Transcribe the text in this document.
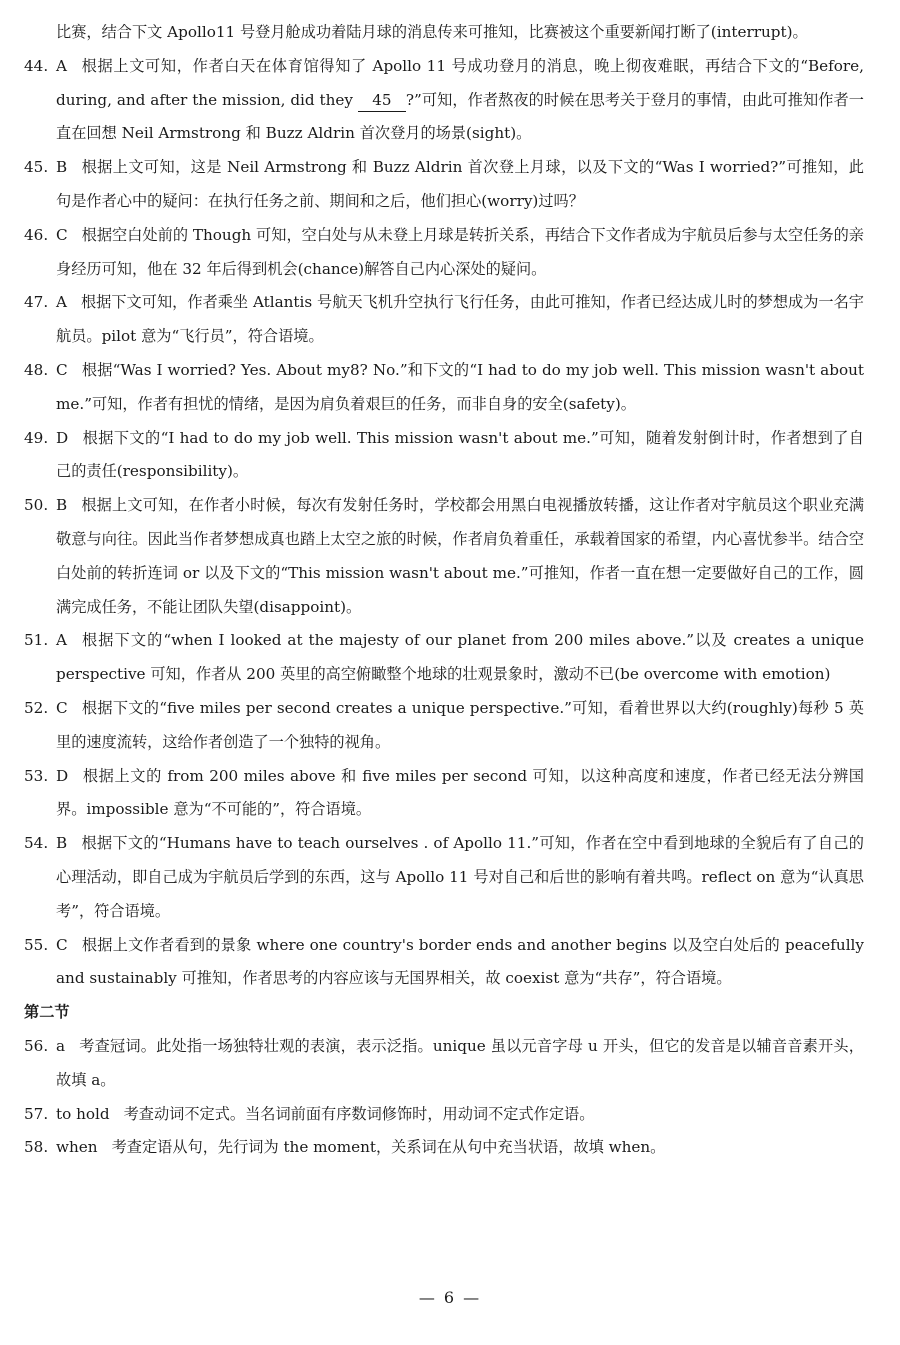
比赛，结合下文 Apollo11 号登月舱成功着陆月球的消息传来可推知，比赛被这个重要新闻打断了(interrupt)。

44. A 根据上文可知，作者白天在体育馆得知了 Apollo 11 号成功登月的消息，晚上彻夜难眠，再结合下文的“Before, during, and after the mission, did they 45 ?”可知，作者熬夜的时候在思考关于登月的事情，由此可推知作者一直在回想 Neil Armstrong 和 Buzz Aldrin 首次登月的场景(sight)。

45. B 根据上文可知，这是 Neil Armstrong 和 Buzz Aldrin 首次登上月球，以及下文的“Was I worried?”可推知，此句是作者心中的疑问：在执行任务之前、期间和之后，他们担心(worry)过吗？

46. C 根据空白处前的 Though 可知，空白处与从未登上月球是转折关系，再结合下文作者成为宇航员后参与太空任务的亲身经历可知，他在 32 年后得到机会(chance)解答自己内心深处的疑问。

47. A 根据下文可知，作者乘坐 Atlantis 号航天飞机升空执行飞行任务，由此可推知，作者已经达成儿时的梦想成为一名宇航员。pilot 意为“飞行员”，符合语境。

48. C 根据“Was I worried? Yes. About my8? No.”和下文的“I had to do my job well. This mission wasn't about me.”可知，作者有担忧的情绪，是因为肩负着艰巨的任务，而非自身的安全(safety)。

49. D 根据下文的“I had to do my job well. This mission wasn't about me.”可知，随着发射倒计时，作者想到了自己的责任(responsibility)。

50. B 根据上文可知，在作者小时候，每次有发射任务时，学校都会用黑白电视播放转播，这让作者对宇航员这个职业充满敬意与向往。因此当作者梦想成真也踏上太空之旅的时候，作者肩负着重任，承载着国家的希望，内心喜忧参半。结合空白处前的转折连词 or 以及下文的“This mission wasn't about me.”可推知，作者一直在想一定要做好自己的工作，圆满完成任务，不能让团队失望(disappoint)。

51. A 根据下文的“when I looked at the majesty of our planet from 200 miles above.”以及 creates a unique perspective 可知，作者从 200 英里的高空俯瞰整个地球的壮观景象时，激动不已(be overcome with emotion)

52. C 根据下文的“five miles per second creates a unique perspective.”可知，看着世界以大约(roughly)每秒 5 英里的速度流转，这给作者创造了一个独特的视角。

53. D 根据上文的 from 200 miles above 和 five miles per second 可知，以这种高度和速度，作者已经无法分辨国界。impossible 意为“不可能的”，符合语境。

54. B 根据下文的“Humans have to teach ourselves . of Apollo 11.”可知，作者在空中看到地球的全貌后有了自己的心理活动，即自己成为宇航员后学到的东西，这与 Apollo 11 号对自己和后世的影响有着共鸣。reflect on 意为“认真思考”，符合语境。

55. C 根据上文作者看到的景象 where one country's border ends and another begins 以及空白处后的 peacefully and sustainably 可推知，作者思考的内容应该与无国界相关，故 coexist 意为“共存”，符合语境。

第二节

56. a 考查冠词。此处指一场独特壮观的表演，表示泛指。unique 虽以元音字母 u 开头，但它的发音是以辅音音素开头，故填 a。

57. to hold 考查动词不定式。当名词前面有序数词修饰时，用动词不定式作定语。

58. when 考查定语从句，先行词为 the moment，关系词在从句中充当状语，故填 when。

— 6 —
